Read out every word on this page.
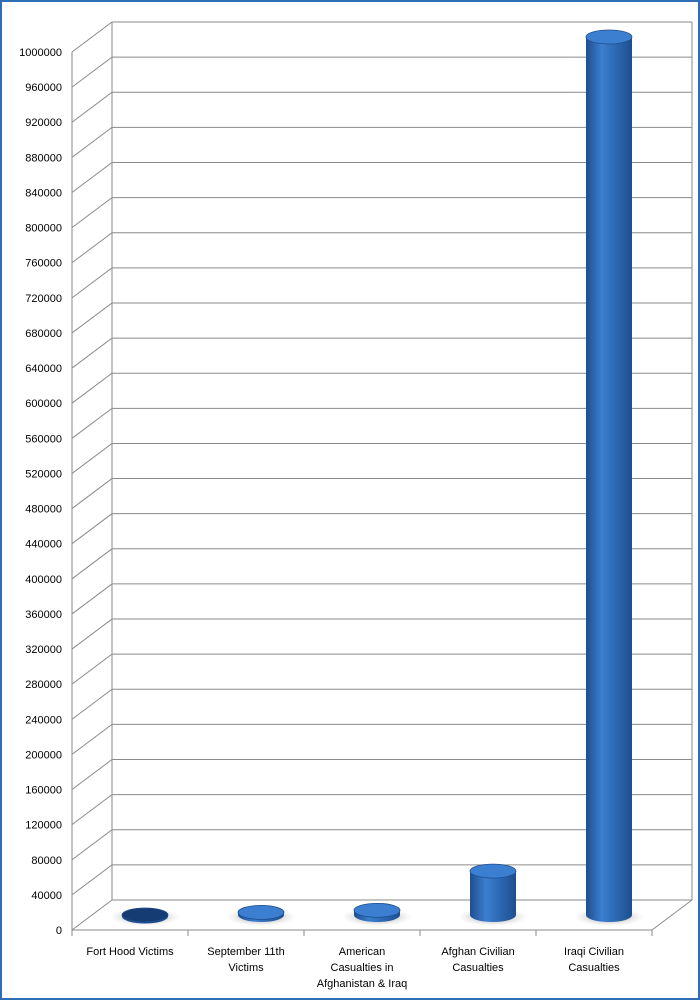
0
40000
80000
120000
160000
200000
240000
280000
320000
360000
400000
440000
480000
520000
560000
600000
640000
680000
720000
760000
800000
840000
880000
920000
960000
1000000
Fort Hood Victims	September 11th Victims
American Casualties in Afghanistan & Iraq
Afghan Civilian Casualties
Iraqi Civilian Casualties
